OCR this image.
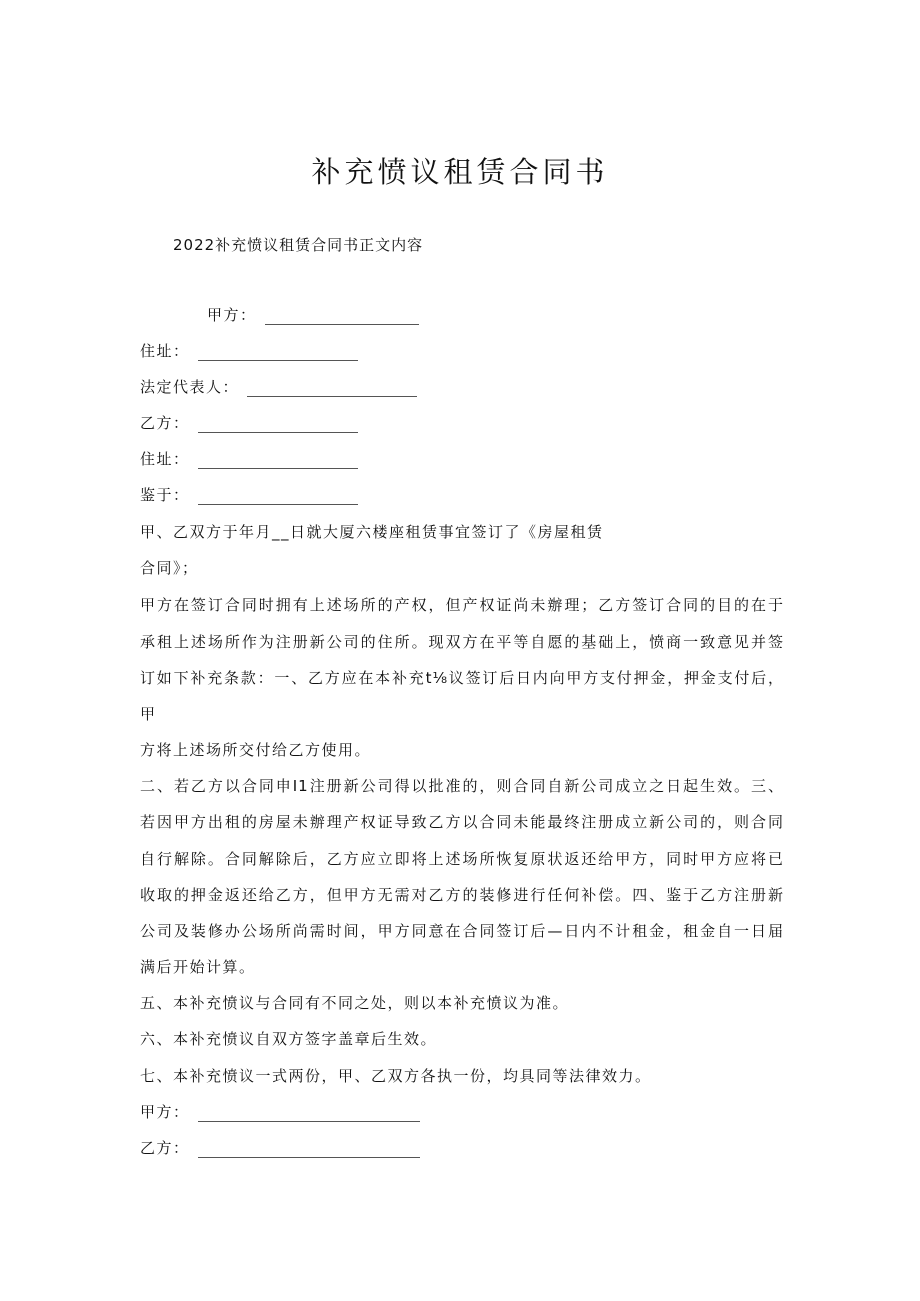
补充愤议租赁合同书
2022补充愤议租赁合同书正文内容
甲方：
住址：
法定代表人：
乙方：
住址：
鉴于：
甲、乙双方于年月__日就大厦六楼座租赁事宜签订了《房屋租赁
合同》；
甲方在签订合同时拥有上述场所的产权，但产权证尚未辦理；乙方签订合同的目的在于
承租上述场所作为注册新公司的住所。现双方在平等自愿的基础上，愤商一致意见并签
订如下补充条款：一、乙方应在本补充t⅛议签订后日内向甲方支付押金，押金支付后，
甲
方将上述场所交付给乙方使用。
二、若乙方以合同申I1注册新公司得以批准的，则合同自新公司成立之日起生效。三、
若因甲方出租的房屋未辦理产权证导致乙方以合同未能最终注册成立新公司的，则合同
自行解除。合同解除后，乙方应立即将上述场所恢复原状返还给甲方，同时甲方应将已
收取的押金返还给乙方，但甲方无需对乙方的装修进行任何补偿。四、鉴于乙方注册新
公司及装修办公场所尚需时间，甲方同意在合同签订后—日内不计租金，租金自一日届
满后开始计算。
五、本补充愤议与合同有不同之处，则以本补充愤议为准。
六、本补充愤议自双方签字盖章后生效。
七、本补充愤议一式两份，甲、乙双方各执一份，均具同等法律效力。
甲方：
乙方：
